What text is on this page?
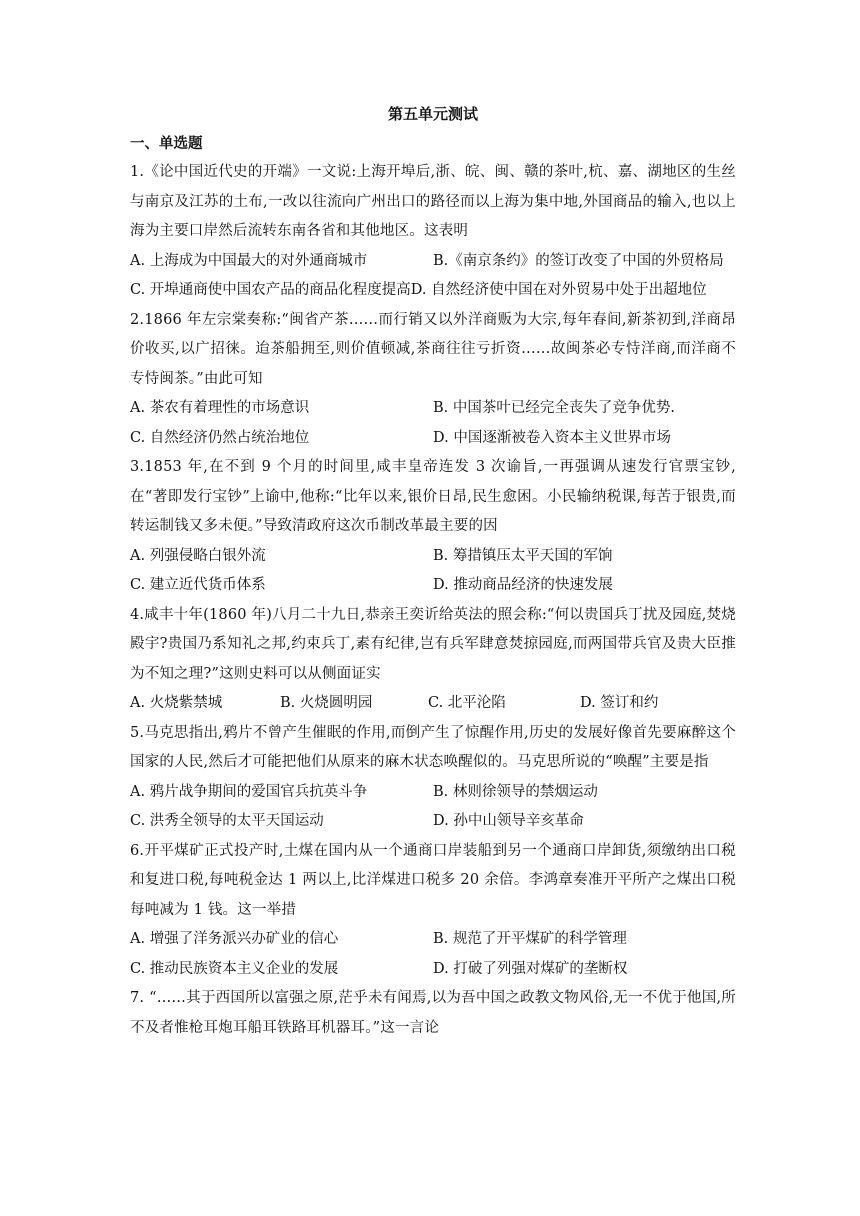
第五单元测试
一、单选题
1.《论中国近代史的开端》一文说:上海开埠后,浙、皖、闽、赣的茶叶,杭、嘉、湖地区的生丝与南京及江苏的土布,一改以往流向广州出口的路径而以上海为集中地,外国商品的输入,也以上海为主要口岸然后流转东南各省和其他地区。这表明
A. 上海成为中国最大的对外通商城市	B.《南京条约》的签订改变了中国的外贸格局
C. 开埠通商使中国农产品的商品化程度提高D. 自然经济使中国在对外贸易中处于出超地位
2.1866 年左宗棠奏称:“闽省产茶……而行销又以外洋商贩为大宗,每年春间,新茶初到,洋商昂价收买,以广招徕。迨茶船拥至,则价值顿减,茶商往往亏折资……故闽茶必专恃洋商,而洋商不专恃闽茶。”由此可知
A. 茶农有着理性的市场意识	B. 中国茶叶已经完全丧失了竞争优势.
C. 自然经济仍然占统治地位	D. 中国逐渐被卷入资本主义世界市场
3.1853 年,在不到 9 个月的时间里,咸丰皇帝连发 3 次谕旨,一再强调从速发行官票宝钞,在“著即发行宝钞”上谕中,他称:“比年以来,银价日昂,民生愈困。小民输纳税课,每苦于银贵,而转运制钱又多未便。”导致清政府这次币制改革最主要的因
A. 列强侵略白银外流	B. 筹措镇压太平天国的军饷
C. 建立近代货币体系	D. 推动商品经济的快速发展
4.咸丰十年(1860 年)八月二十九日,恭亲王奕䜣给英法的照会称:“何以贵国兵丁扰及园庭,焚烧殿宇?贵国乃系知礼之邦,约束兵丁,素有纪律,岂有兵军肆意焚掠园庭,而两国带兵官及贵大臣推为不知之理?”这则史料可以从侧面证实
A. 火烧紫禁城	B. 火烧圆明园	C. 北平沦陷	D. 签订和约
5.马克思指出,鸦片不曾产生催眠的作用,而倒产生了惊醒作用,历史的发展好像首先要麻醉这个国家的人民,然后才可能把他们从原来的麻木状态唤醒似的。马克思所说的“唤醒”主要是指
A. 鸦片战争期间的爱国官兵抗英斗争	B. 林则徐领导的禁烟运动
C. 洪秀全领导的太平天国运动	D. 孙中山领导辛亥革命
6.开平煤矿正式投产时,土煤在国内从一个通商口岸装船到另一个通商口岸卸货,须缴纳出口税和复进口税,每吨税金达 1 两以上,比洋煤进口税多 20 余倍。李鸿章奏准开平所产之煤出口税每吨减为 1 钱。这一举措
A. 增强了洋务派兴办矿业的信心	B. 规范了开平煤矿的科学管理
C. 推动民族资本主义企业的发展	D. 打破了列强对煤矿的垄断权
7. “……其于西国所以富强之原,茫乎未有闻焉,以为吾中国之政教文物风俗,无一不优于他国,所不及者惟枪耳炮耳船耳铁路耳机器耳。”这一言论
